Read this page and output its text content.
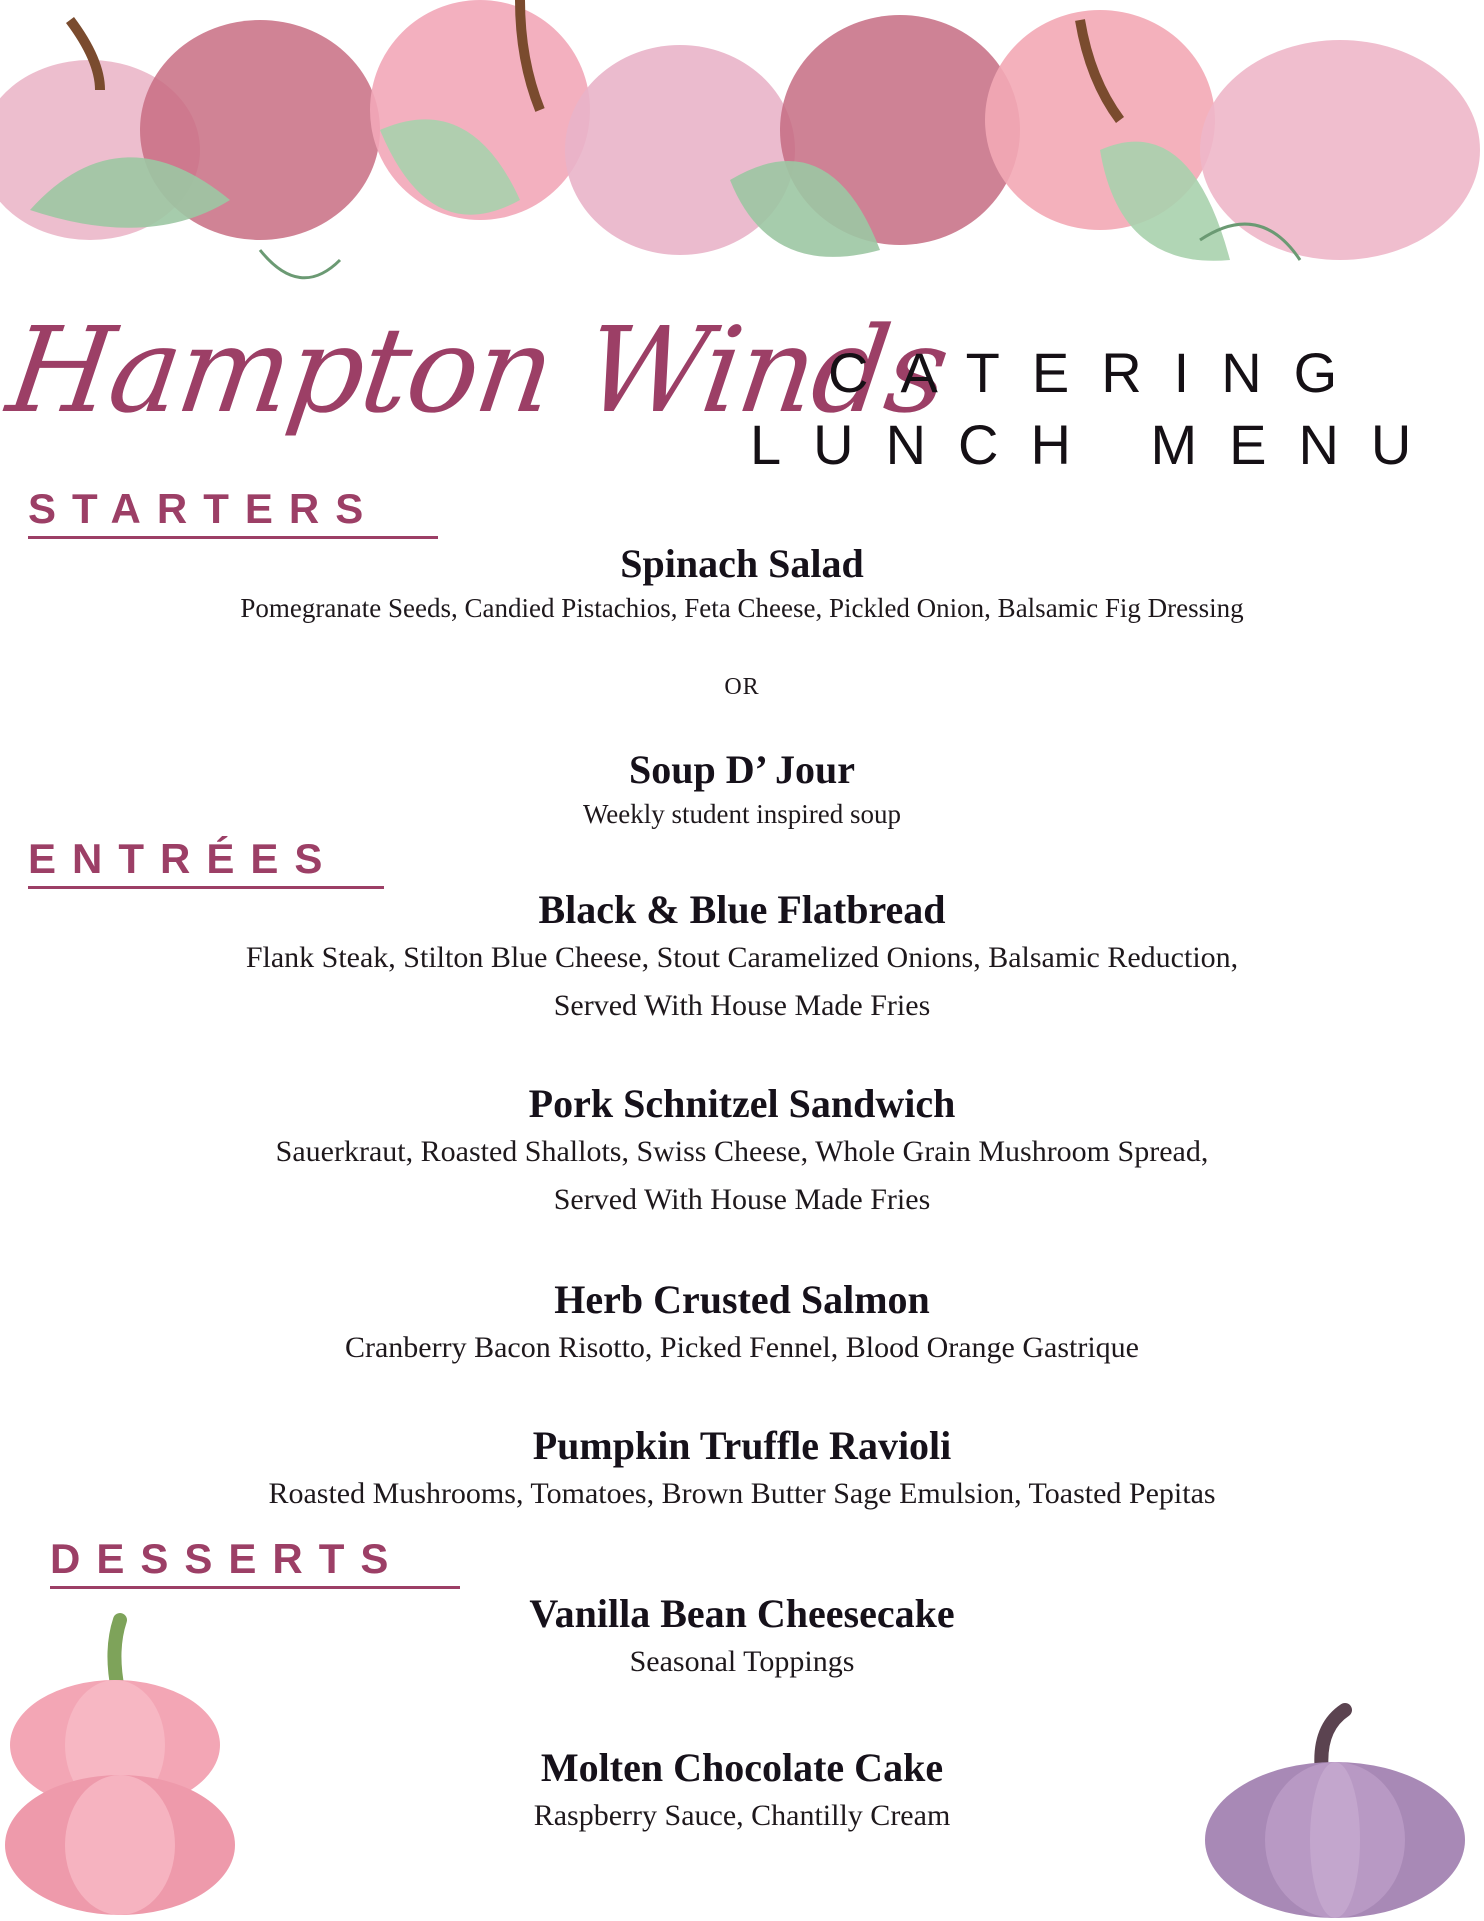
Hampton Winds
CATERING
LUNCH MENU
STARTERS
Spinach Salad
Pomegranate Seeds, Candied Pistachios, Feta Cheese, Pickled Onion, Balsamic Fig Dressing
OR
Soup D’ Jour
Weekly student inspired soup
ENTRÉES
Black & Blue Flatbread
Flank Steak, Stilton Blue Cheese, Stout Caramelized Onions, Balsamic Reduction,
Served With House Made Fries
Pork Schnitzel Sandwich
Sauerkraut, Roasted Shallots, Swiss Cheese, Whole Grain Mushroom Spread,
Served With House Made Fries
Herb Crusted Salmon
Cranberry Bacon Risotto, Picked Fennel, Blood Orange Gastrique
Pumpkin Truffle Ravioli
Roasted Mushrooms, Tomatoes, Brown Butter Sage Emulsion, Toasted Pepitas
DESSERTS
Vanilla Bean Cheesecake
Seasonal Toppings
Molten Chocolate Cake
Raspberry Sauce, Chantilly Cream
